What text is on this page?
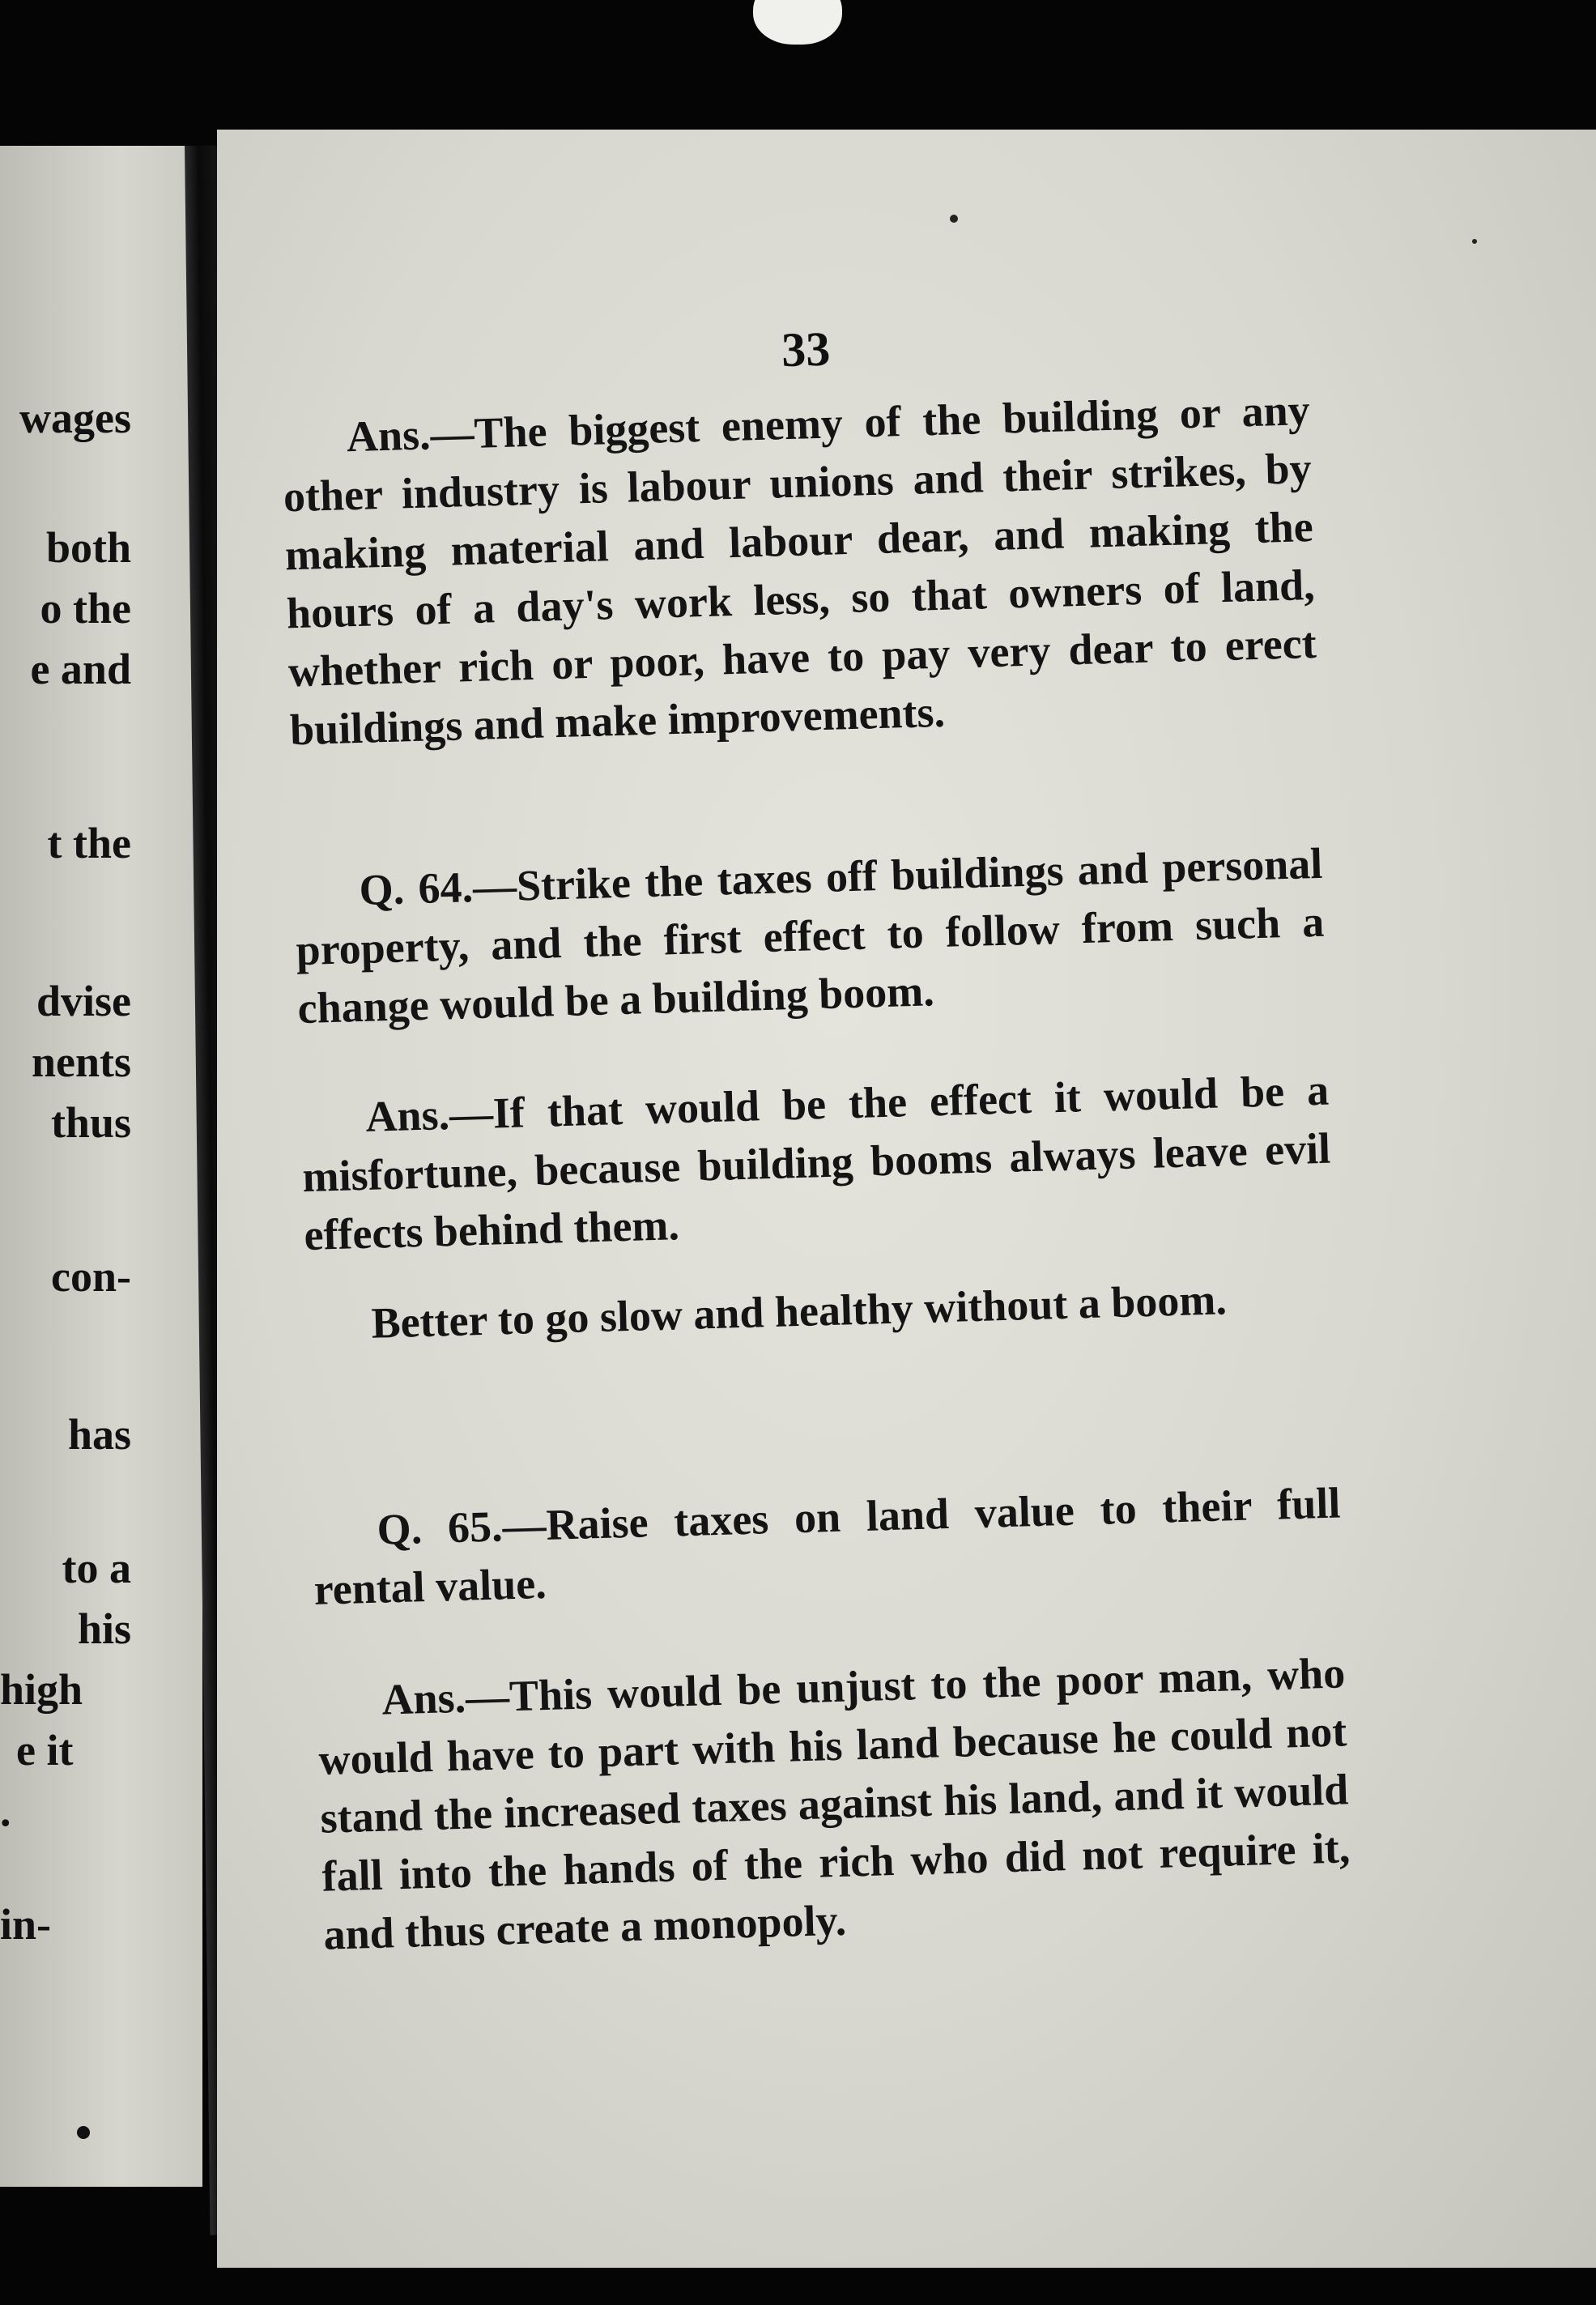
wages
both
o the
e and
t the
dvise
nents
thus
con-
has
to a
his
high
e it
.
in-
33

Ans.—The biggest enemy of the building or any other industry is labour unions and their strikes, by making material and labour dear, and making the hours of a day's work less, so that owners of land, whether rich or poor, have to pay very dear to erect buildings and make improvements.

Q. 64.—Strike the taxes off buildings and personal property, and the first effect to follow from such a change would be a building boom.

Ans.—If that would be the effect it would be a misfortune, because building booms always leave evil effects behind them.

Better to go slow and healthy without a boom.

Q. 65.—Raise taxes on land value to their full rental value.

Ans.—This would be unjust to the poor man, who would have to part with his land because he could not stand the increased taxes against his land, and it would fall into the hands of the rich who did not require it, and thus create a monopoly.
